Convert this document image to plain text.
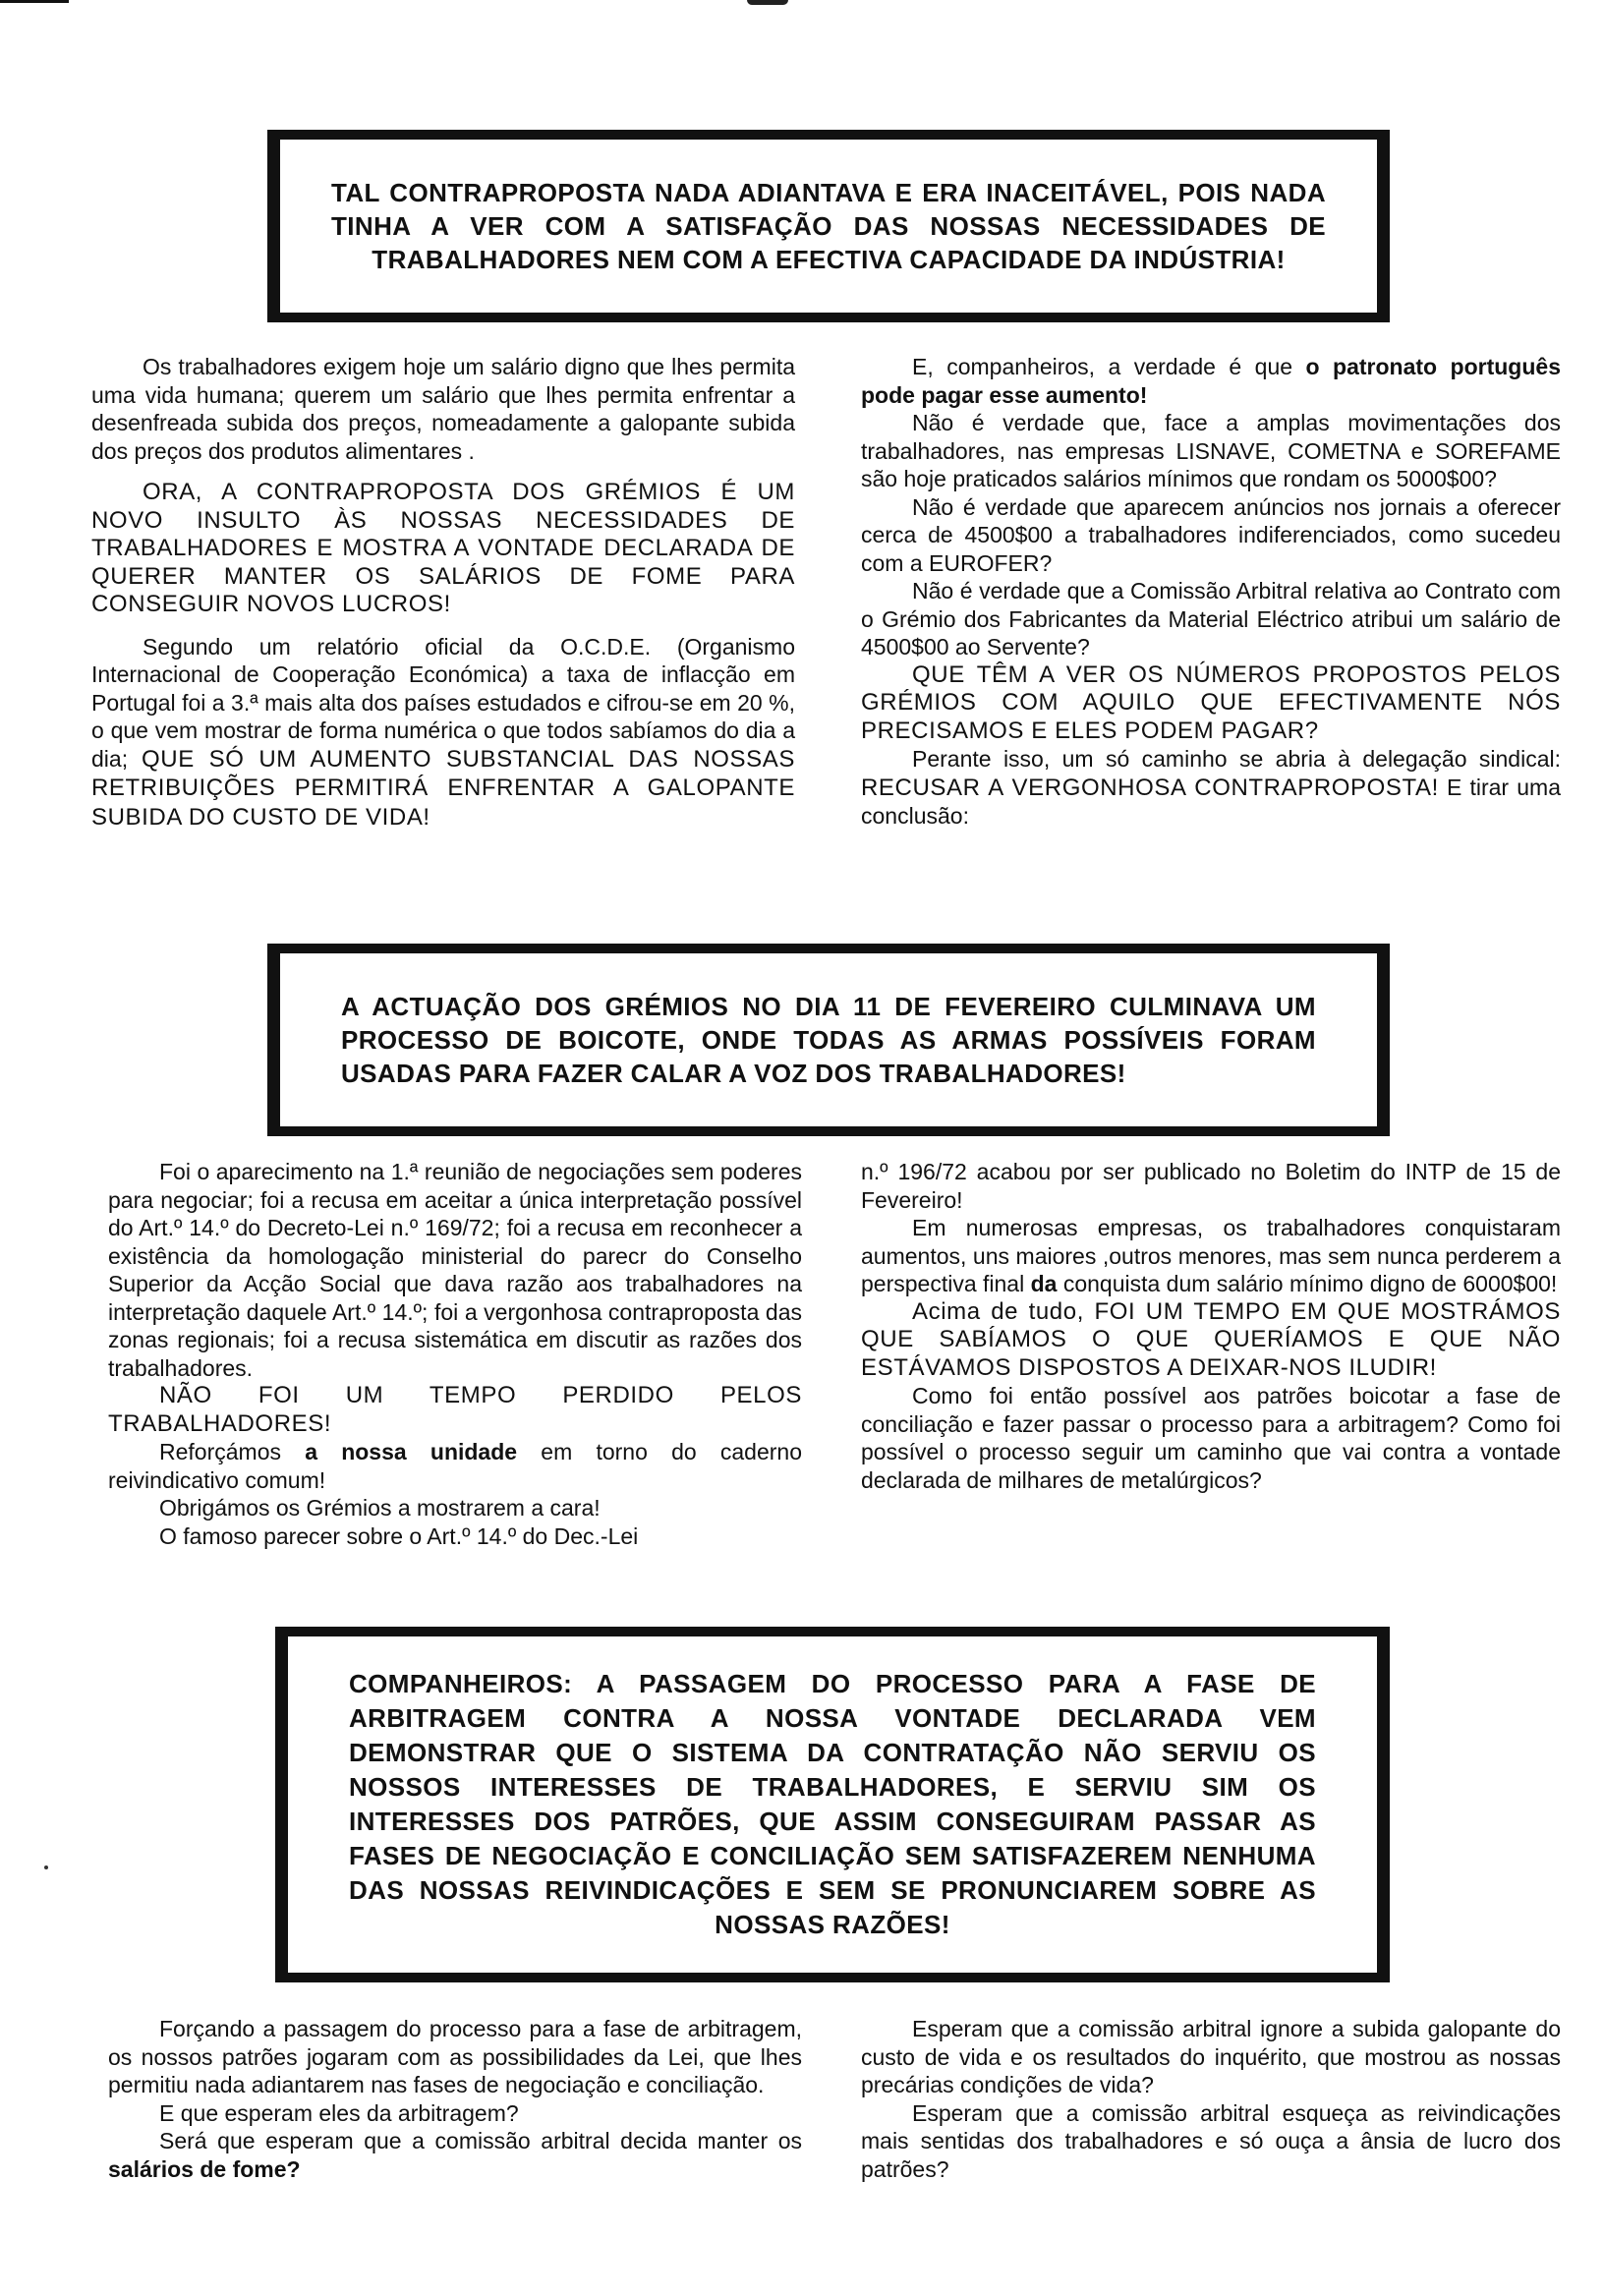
TAL CONTRAPROPOSTA NADA ADIANTAVA E ERA INACEITÁVEL, POIS NADA TINHA A VER COM A SATISFAÇÃO DAS NOSSAS NECESSIDADES DE TRABALHADORES NEM COM A EFECTIVA CAPACIDADE DA INDÚSTRIA!

Os trabalhadores exigem hoje um salário digno que lhes permita uma vida humana; querem um salário que lhes permita enfrentar a desenfreada subida dos preços, nomeadamente a galopante subida dos preços dos produtos alimentares .

ORA, A CONTRAPROPOSTA DOS GRÉMIOS É UM NOVO INSULTO ÀS NOSSAS NECESSIDADES DE TRABALHADORES E MOSTRA A VONTADE DECLARADA DE QUERER MANTER OS SALÁRIOS DE FOME PARA CONSEGUIR NOVOS LUCROS!

Segundo um relatório oficial da O.C.D.E. (Organismo Internacional de Cooperação Económica) a taxa de inflacção em Portugal foi a 3.ª mais alta dos países estudados e cifrou-se em 20 %, o que vem mostrar de forma numérica o que todos sabíamos do dia a dia; QUE SÓ UM AUMENTO SUBSTANCIAL DAS NOSSAS RETRIBUIÇÕES PERMITIRÁ ENFRENTAR A GALOPANTE SUBIDA DO CUSTO DE VIDA!

E, companheiros, a verdade é que o patronato português pode pagar esse aumento!

Não é verdade que, face a amplas movimentações dos trabalhadores, nas empresas LISNAVE, COMETNA e SOREFAME são hoje praticados salários mínimos que rondam os 5000$00?

Não é verdade que aparecem anúncios nos jornais a oferecer cerca de 4500$00 a trabalhadores indiferenciados, como sucedeu com a EUROFER?

Não é verdade que a Comissão Arbitral relativa ao Contrato com o Grémio dos Fabricantes da Material Eléctrico atribui um salário de 4500$00 ao Servente?

QUE TÊM A VER OS NÚMEROS PROPOSTOS PELOS GRÉMIOS COM AQUILO QUE EFECTIVAMENTE NÓS PRECISAMOS E ELES PODEM PAGAR?

Perante isso, um só caminho se abria à delegação sindical: RECUSAR A VERGONHOSA CONTRAPROPOSTA! E tirar uma conclusão:

A ACTUAÇÃO DOS GRÉMIOS NO DIA 11 DE FEVEREIRO CULMINAVA UM PROCESSO DE BOICOTE, ONDE TODAS AS ARMAS POSSÍVEIS FORAM USADAS PARA FAZER CALAR A VOZ DOS TRABALHADORES!

Foi o aparecimento na 1.ª reunião de negociações sem poderes para negociar; foi a recusa em aceitar a única interpretação possível do Art.º 14.º do Decreto-Lei n.º 169/72; foi a recusa em reconhecer a existência da homologação ministerial do parecr do Conselho Superior da Acção Social que dava razão aos trabalhadores na interpretação daquele Art.º 14.º; foi a vergonhosa contraproposta das zonas regionais; foi a recusa sistemática em discutir as razões dos trabalhadores.

NÃO FOI UM TEMPO PERDIDO PELOS TRABALHADORES!

Reforçámos a nossa unidade em torno do caderno reivindicativo comum!

Obrigámos os Grémios a mostrarem a cara!

O famoso parecer sobre o Art.º 14.º do Dec.-Lei

n.º 196/72 acabou por ser publicado no Boletim do INTP de 15 de Fevereiro!

Em numerosas empresas, os trabalhadores conquistaram aumentos, uns maiores ,outros menores, mas sem nunca perderem a perspectiva final da conquista dum salário mínimo digno de 6000$00!

Acima de tudo, FOI UM TEMPO EM QUE MOSTRÁMOS QUE SABÍAMOS O QUE QUERÍAMOS E QUE NÃO ESTÁVAMOS DISPOSTOS A DEIXAR-NOS ILUDIR!

Como foi então possível aos patrões boicotar a fase de conciliação e fazer passar o processo para a arbitragem? Como foi possível o processo seguir um caminho que vai contra a vontade declarada de milhares de metalúrgicos?

COMPANHEIROS: A PASSAGEM DO PROCESSO PARA A FASE DE ARBITRAGEM CONTRA A NOSSA VONTADE DECLARADA VEM DEMONSTRAR QUE O SISTEMA DA CONTRATAÇÃO NÃO SERVIU OS NOSSOS INTERESSES DE TRABALHADORES, E SERVIU SIM OS INTERESSES DOS PATRÕES, QUE ASSIM CONSEGUIRAM PASSAR AS FASES DE NEGOCIAÇÃO E CONCILIAÇÃO SEM SATISFAZEREM NENHUMA DAS NOSSAS REIVINDICAÇÕES E SEM SE PRONUNCIAREM SOBRE AS NOSSAS RAZÕES!

Forçando a passagem do processo para a fase de arbitragem, os nossos patrões jogaram com as possibilidades da Lei, que lhes permitiu nada adiantarem nas fases de negociação e conciliação.

E que esperam eles da arbitragem?

Será que esperam que a comissão arbitral decida manter os salários de fome?

Esperam que a comissão arbitral ignore a subida galopante do custo de vida e os resultados do inquérito, que mostrou as nossas precárias condições de vida?

Esperam que a comissão arbitral esqueça as reivindicações mais sentidas dos trabalhadores e só ouça a ânsia de lucro dos patrões?
